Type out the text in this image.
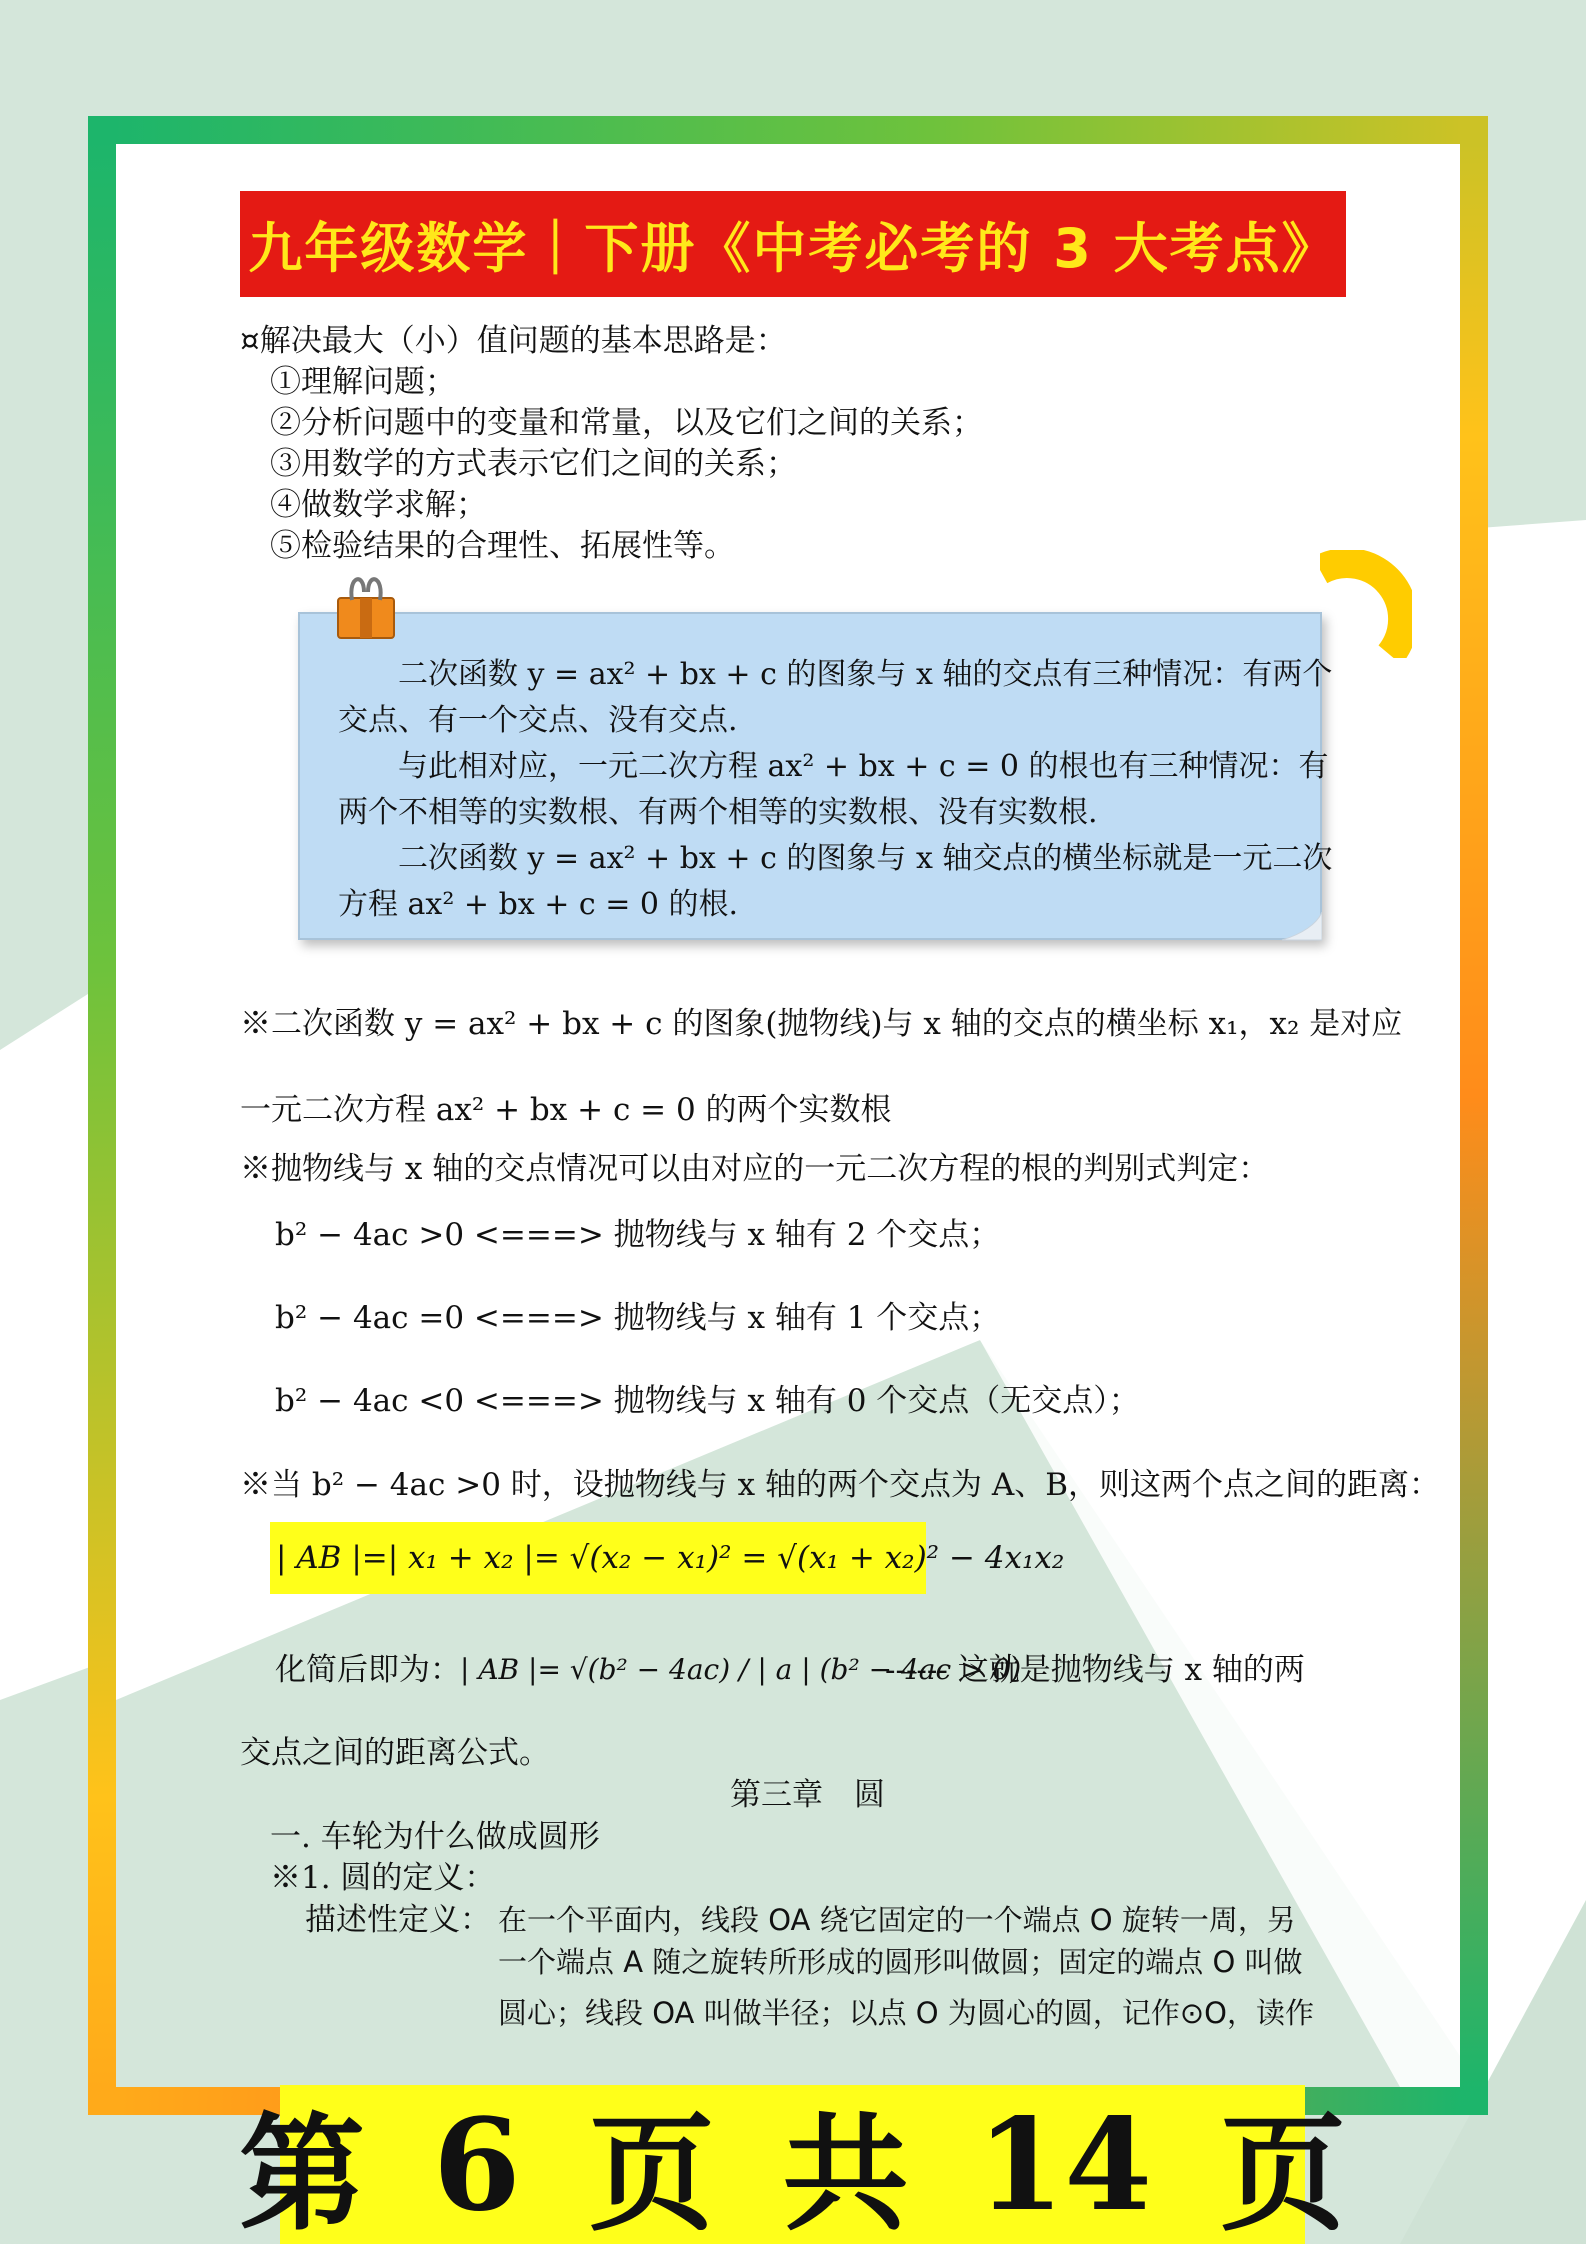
九年级数学｜下册《中考必考的 3 大考点》
¤解决最大（小）值问题的基本思路是：
①理解问题；
②分析问题中的变量和常量，以及它们之间的关系；
③用数学的方式表示它们之间的关系；
④做数学求解；
⑤检验结果的合理性、拓展性等。

二次函数 y = ax² + bx + c 的图象与 x 轴的交点有三种情况：有两个

交点、有一个交点、没有交点.

与此相对应，一元二次方程 ax² + bx + c = 0 的根也有三种情况：有

两个不相等的实数根、有两个相等的实数根、没有实数根.

二次函数 y = ax² + bx + c 的图象与 x 轴交点的横坐标就是一元二次

方程 ax² + bx + c = 0 的根.

※二次函数 y = ax² + bx + c 的图象(抛物线)与 x 轴的交点的横坐标 x₁，x₂ 是对应
一元二次方程 ax² + bx + c = 0 的两个实数根
※抛物线与 x 轴的交点情况可以由对应的一元二次方程的根的判别式判定：
b² − 4ac >0 <===> 抛物线与 x 轴有 2 个交点；
b² − 4ac =0 <===> 抛物线与 x 轴有 1 个交点；
b² − 4ac <0 <===> 抛物线与 x 轴有 0 个交点（无交点）；
※当 b² − 4ac >0 时，设抛物线与 x 轴的两个交点为 A、B，则这两个点之间的距离：
| AB |=| x₁ + x₂ |= √(x₂ − x₁)² = √(x₁ + x₂)² − 4x₁x₂
化简后即为： | AB |= √(b² − 4ac) / | a | (b² − 4ac > 0)
------ 这就是抛物线与 x 轴的两
交点之间的距离公式。
第三章　圆
一. 车轮为什么做成圆形
※1. 圆的定义：
描述性定义： 在一个平面内，线段 OA 绕它固定的一个端点 O 旋转一周，另
一个端点 A 随之旋转所形成的圆形叫做圆；固定的端点 O 叫做
圆心；线段 OA 叫做半径；以点 O 为圆心的圆，记作⊙O，读作
第 6 页 共 14 页
